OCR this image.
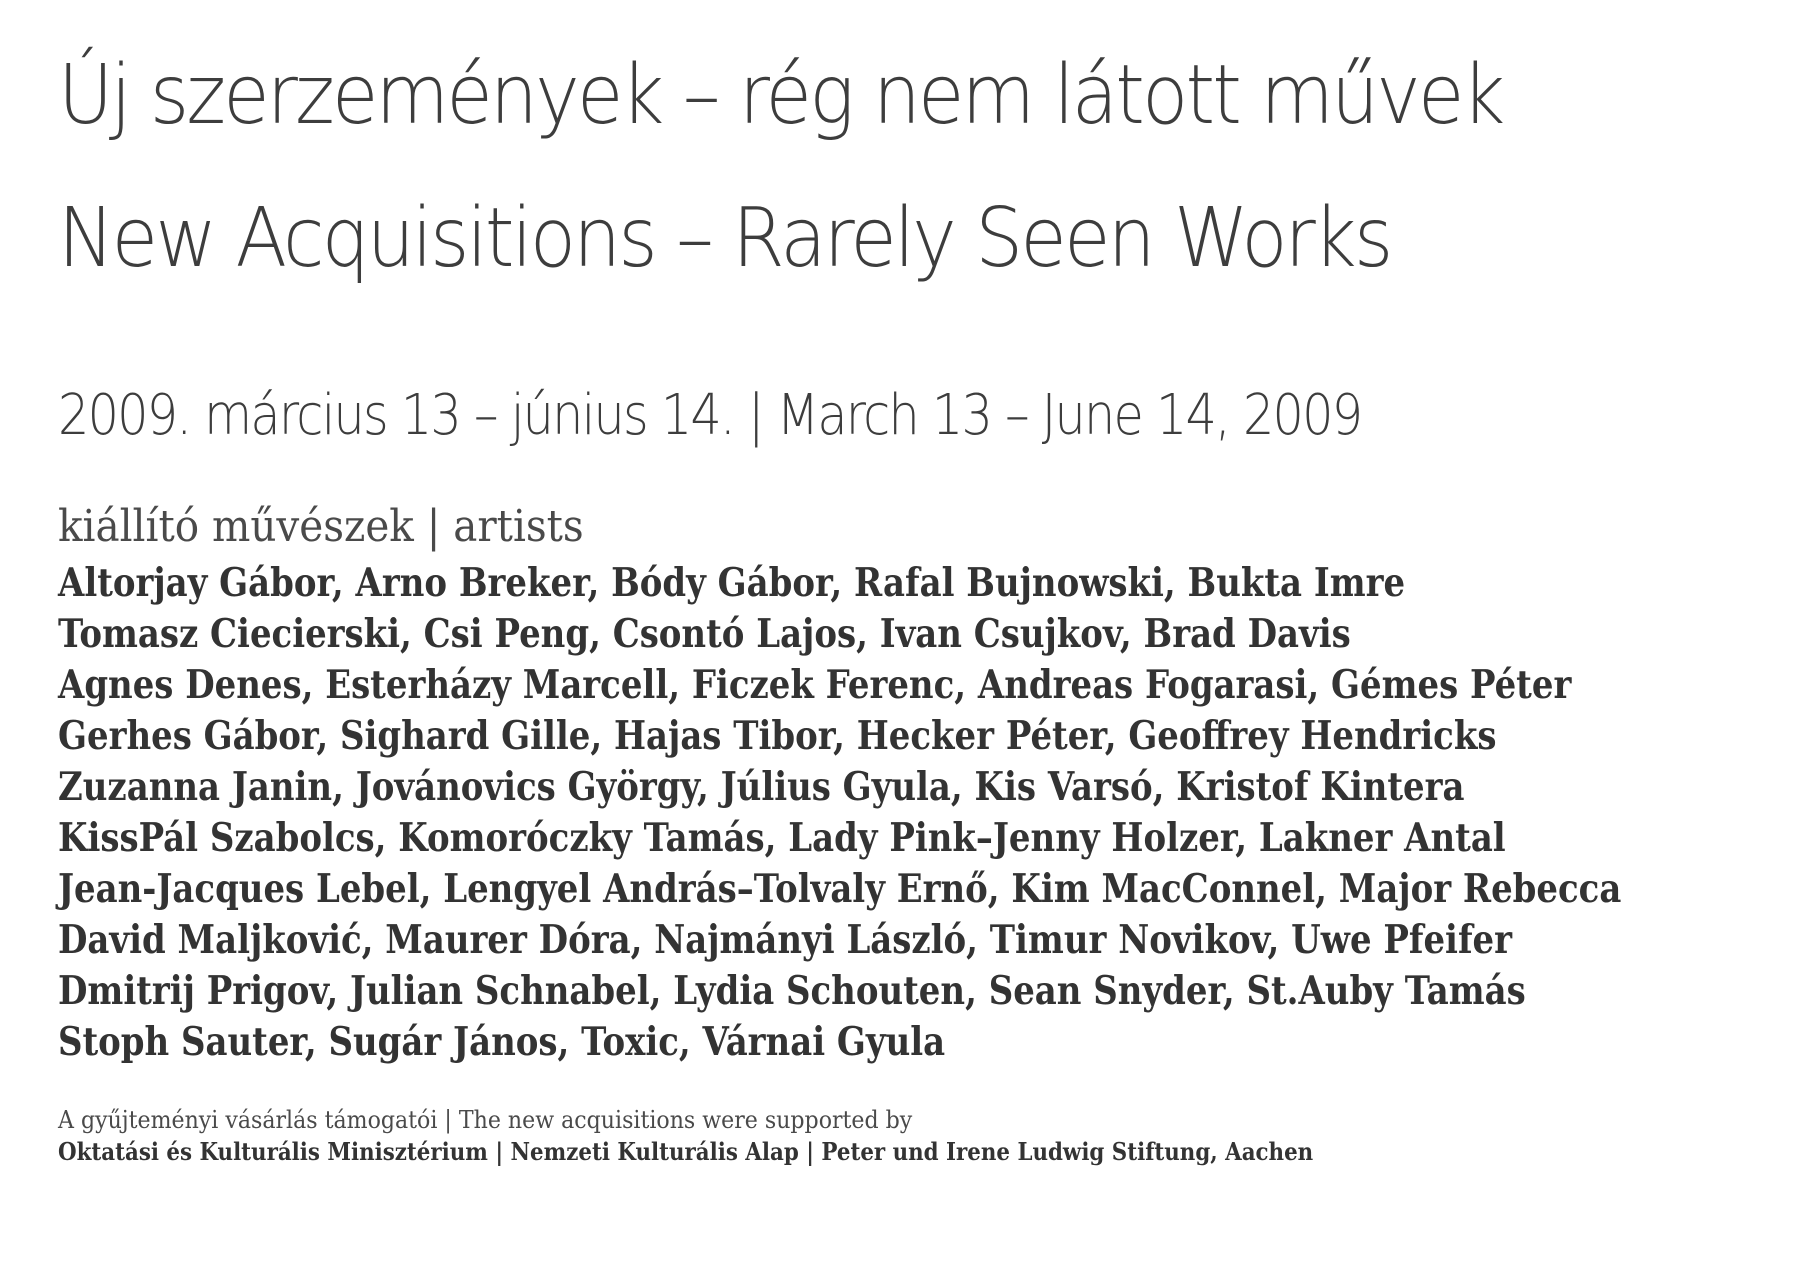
Új szerzemények – rég nem látott művek
New Acquisitions – Rarely Seen Works
2009. március 13 – június 14. | March 13 – June 14, 2009
kiállító művészek | artists
Altorjay Gábor, Arno Breker, Bódy Gábor, Rafal Bujnowski, Bukta Imre
Tomasz Ciecierski, Csi Peng, Csontó Lajos, Ivan Csujkov, Brad Davis
Agnes Denes, Esterházy Marcell, Ficzek Ferenc, Andreas Fogarasi, Gémes Péter
Gerhes Gábor, Sighard Gille, Hajas Tibor, Hecker Péter, Geoffrey Hendricks
Zuzanna Janin, Jovánovics György, Július Gyula, Kis Varsó, Kristof Kintera
KissPál Szabolcs, Komoróczky Tamás, Lady Pink–Jenny Holzer, Lakner Antal
Jean-Jacques Lebel, Lengyel András–Tolvaly Ernő, Kim MacConnel, Major Rebecca
David Maljković, Maurer Dóra, Najmányi László, Timur Novikov, Uwe Pfeifer
Dmitrij Prigov, Julian Schnabel, Lydia Schouten, Sean Snyder, St.Auby Tamás
Stoph Sauter, Sugár János, Toxic, Várnai Gyula
A gyűjteményi vásárlás támogatói | The new acquisitions were supported by
Oktatási és Kulturális Minisztérium | Nemzeti Kulturális Alap | Peter und Irene Ludwig Stiftung, Aachen
